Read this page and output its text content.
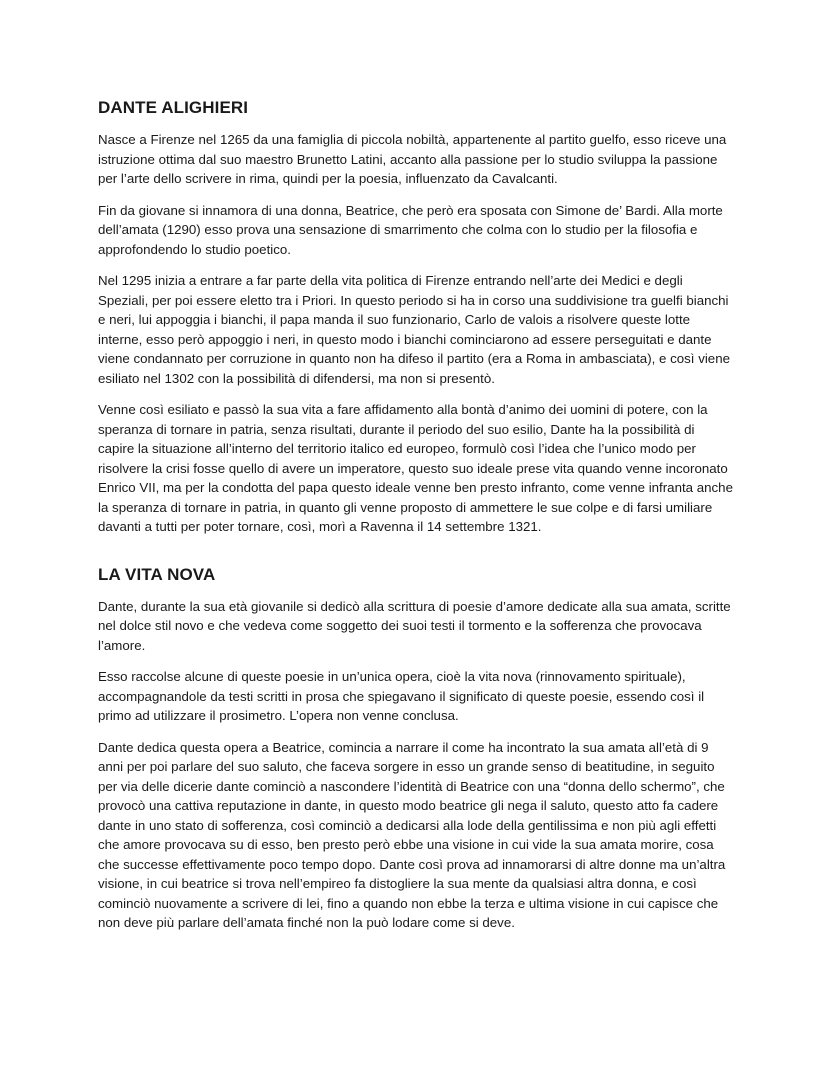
DANTE ALIGHIERI

Nasce a Firenze nel 1265 da una famiglia di piccola nobiltà, appartenente al partito guelfo, esso riceve una istruzione ottima dal suo maestro Brunetto Latini, accanto alla passione per lo studio sviluppa la passione per l’arte dello scrivere in rima, quindi per la poesia, influenzato da Cavalcanti.

Fin da giovane si innamora di una donna, Beatrice, che però era sposata con Simone de’ Bardi. Alla morte dell’amata (1290) esso prova una sensazione di smarrimento che colma con lo studio per la filosofia e approfondendo lo studio poetico.

Nel 1295 inizia a entrare a far parte della vita politica di Firenze entrando nell’arte dei Medici e degli Speziali, per poi essere eletto tra i Priori. In questo periodo si ha in corso una suddivisione tra guelfi bianchi e neri, lui appoggia i bianchi, il papa manda il suo funzionario, Carlo de valois a risolvere queste lotte interne, esso però appoggio i neri, in questo modo i bianchi cominciarono ad essere perseguitati e dante viene condannato per corruzione in quanto non ha difeso il partito (era a Roma in ambasciata), e così viene esiliato nel 1302 con la possibilità di difendersi, ma non si presentò.

Venne così esiliato e passò la sua vita a fare affidamento alla bontà d’animo dei uomini di potere, con la speranza di tornare in patria, senza risultati, durante il periodo del suo esilio, Dante ha la possibilità di capire la situazione all’interno del territorio italico ed europeo, formulò così l’idea che l’unico modo per risolvere la crisi fosse quello di avere un imperatore, questo suo ideale prese vita quando venne incoronato Enrico VII, ma per la condotta del papa questo ideale venne ben presto infranto, come venne infranta anche la speranza di tornare in patria, in quanto gli venne proposto di ammettere le sue colpe e di farsi umiliare davanti a tutti per poter tornare, così, morì a Ravenna il 14 settembre 1321.

LA VITA NOVA

Dante, durante la sua età giovanile si dedicò alla scrittura di poesie d’amore dedicate alla sua amata, scritte nel dolce stil novo e che vedeva come soggetto dei suoi testi il tormento e la sofferenza che provocava l’amore.

Esso raccolse alcune di queste poesie in un’unica opera, cioè la vita nova (rinnovamento spirituale), accompagnandole da testi scritti in prosa che spiegavano il significato di queste poesie, essendo così il primo ad utilizzare il prosimetro. L’opera non venne conclusa.

Dante dedica questa opera a Beatrice, comincia a narrare il come ha incontrato la sua amata all’età di 9 anni per poi parlare del suo saluto, che faceva sorgere in esso un grande senso di beatitudine, in seguito per via delle dicerie dante cominciò a nascondere l’identità di Beatrice con una “donna dello schermo”, che provocò una cattiva reputazione in dante, in questo modo beatrice gli nega il saluto, questo atto fa cadere dante in uno stato di sofferenza, così cominciò a dedicarsi alla lode della gentilissima e non più agli effetti che amore provocava su di esso, ben presto però ebbe una visione in cui vide la sua amata morire, cosa che successe effettivamente poco tempo dopo. Dante così prova ad innamorarsi di altre donne ma un’altra visione, in cui beatrice si trova nell’empireo fa distogliere la sua mente da qualsiasi altra donna, e così cominciò nuovamente a scrivere di lei, fino a quando non ebbe la terza e ultima visione in cui capisce che non deve più parlare dell’amata finché non la può lodare come si deve.
